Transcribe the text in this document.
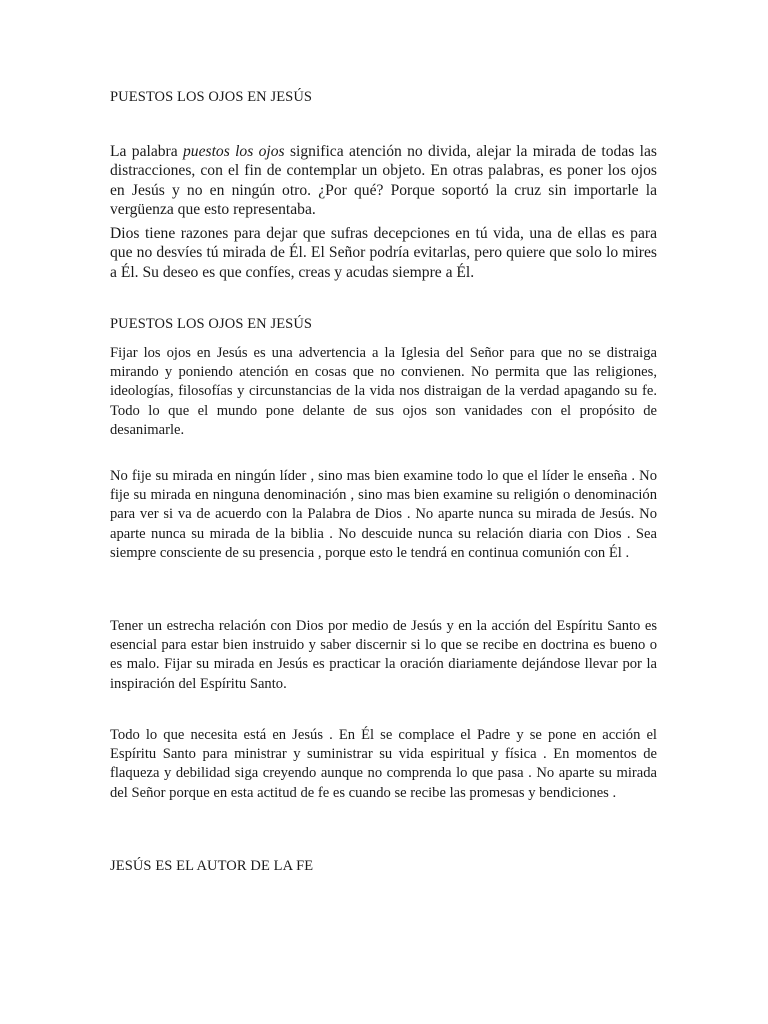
PUESTOS LOS OJOS EN JESÚS

La palabra puestos los ojos significa atención no divida, alejar la mirada de todas las distracciones, con el fin de contemplar un objeto. En otras palabras, es poner los ojos en Jesús y no en ningún otro. ¿Por qué? Porque soportó la cruz sin importarle la vergüenza que esto representaba.

Dios tiene razones para dejar que sufras decepciones en tú vida, una de ellas es para que no desvíes tú mirada de Él. El Señor podría evitarlas, pero quiere que solo lo mires a Él. Su deseo es que confíes, creas y acudas siempre a Él.

PUESTOS LOS OJOS EN JESÚS

Fijar los ojos en Jesús es una advertencia a la Iglesia del Señor para que no se distraiga mirando y poniendo atención en cosas que no convienen. No permita que las religiones, ideologías, filosofías y circunstancias de la vida nos distraigan de la verdad apagando su fe. Todo lo que el mundo pone delante de sus ojos son vanidades con el propósito de desanimarle.

No fije su mirada en ningún líder , sino mas bien examine todo lo que el líder le enseña . No fije su mirada en ninguna denominación , sino mas bien examine su religión o denominación para ver si va de acuerdo con la Palabra de Dios . No aparte nunca su mirada de Jesús. No aparte nunca su mirada de la biblia . No descuide nunca su relación diaria con Dios . Sea siempre consciente de su presencia , porque esto le tendrá en continua comunión con Él .

Tener un estrecha relación con Dios por medio de Jesús y en la acción del Espíritu Santo es esencial para estar bien instruido y saber discernir si lo que se recibe en doctrina es bueno o es malo. Fijar su mirada en Jesús es practicar la oración diariamente dejándose llevar por la inspiración del Espíritu Santo.

Todo lo que necesita está en Jesús . En Él se complace el Padre y se pone en acción el Espíritu Santo para ministrar y suministrar su vida espiritual y física . En momentos de flaqueza y debilidad siga creyendo aunque no comprenda lo que pasa . No aparte su mirada del Señor porque en esta actitud de fe es cuando se recibe las promesas y bendiciones .

JESÚS ES EL AUTOR DE LA FE
